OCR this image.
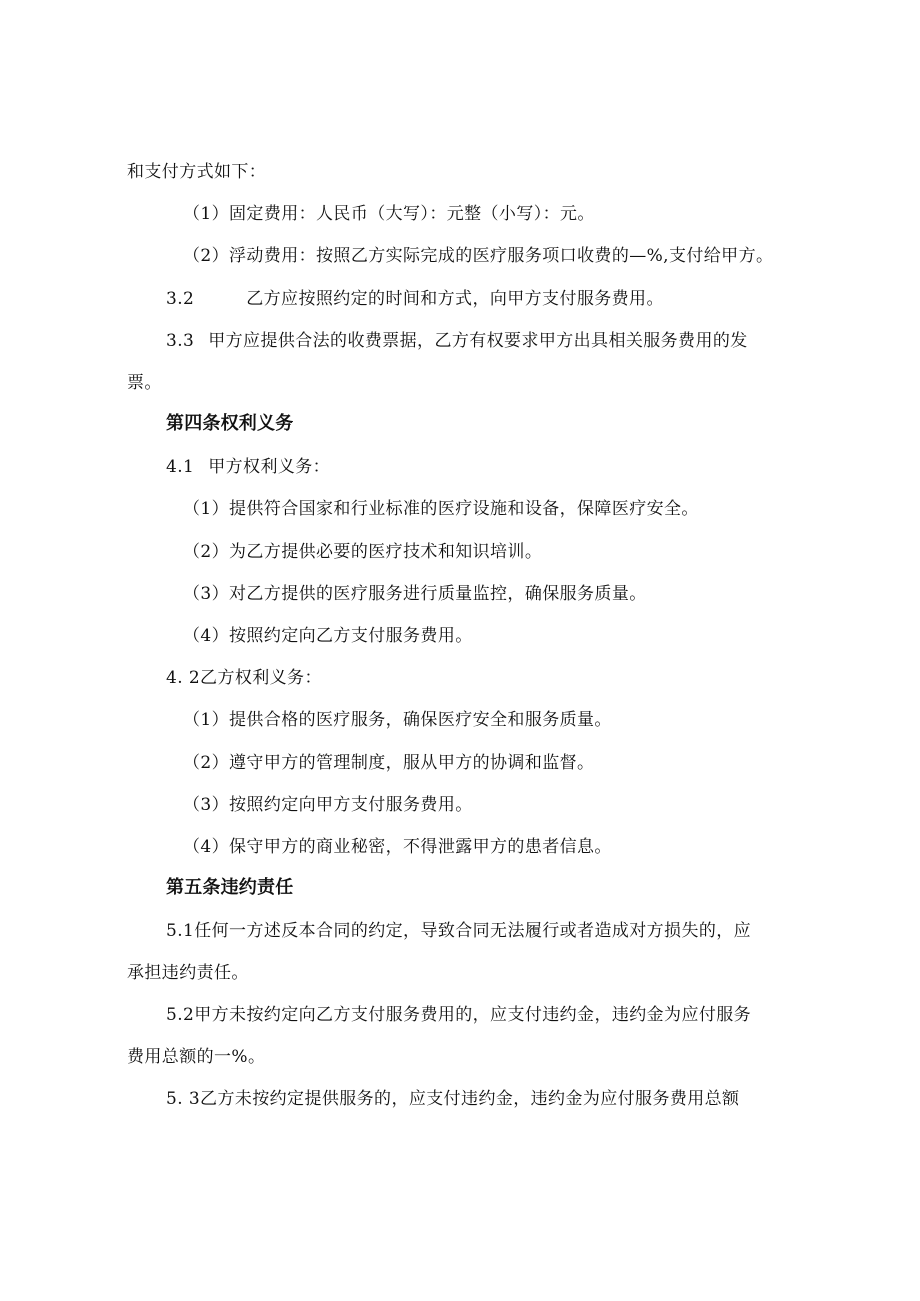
和支付方式如下：
（1）固定费用：人民币（大写）：元整（小写）：元。
（2）浮动费用：按照乙方实际完成的医疗服务项口收费的—%,支付给甲方。
3.2	乙方应按照约定的时间和方式，向甲方支付服务费用。
3.3 甲方应提供合法的收费票据，乙方有权要求甲方出具相关服务费用的发
票。
第四条权利义务
4.1 甲方权利义务：
（1）提供符合国家和行业标准的医疗设施和设备，保障医疗安全。
（2）为乙方提供必要的医疗技术和知识培训。
（3）对乙方提供的医疗服务进行质量监控，确保服务质量。
（4）按照约定向乙方支付服务费用。
4. 2乙方权利义务：
（1）提供合格的医疗服务，确保医疗安全和服务质量。
（2）遵守甲方的管理制度，服从甲方的协调和监督。
（3）按照约定向甲方支付服务费用。
（4）保守甲方的商业秘密，不得泄露甲方的患者信息。
第五条违约责任
5.1任何一方述反本合同的约定，导致合同无法履行或者造成对方损失的，应
承担违约责任。
5.2甲方未按约定向乙方支付服务费用的，应支付违约金，违约金为应付服务
费用总额的一%。
5. 3乙方未按约定提供服务的，应支付违约金，违约金为应付服务费用总额
